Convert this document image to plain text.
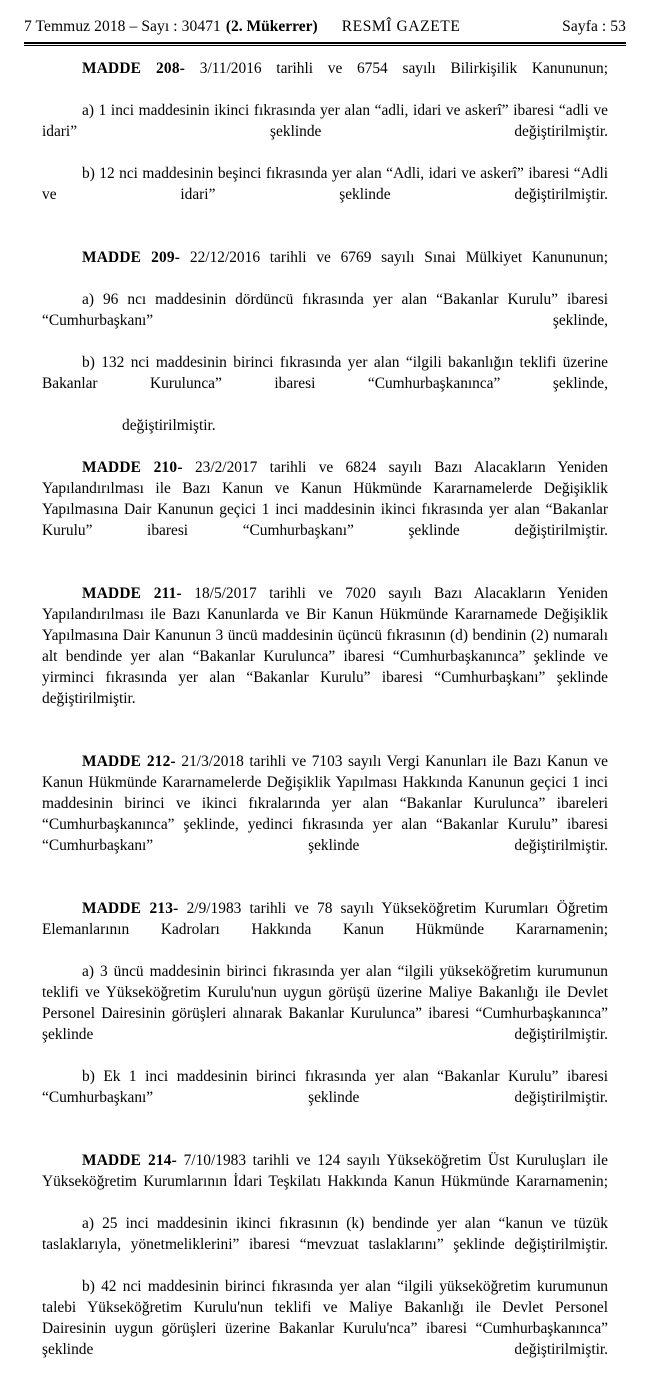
7 Temmuz 2018 – Sayı : 30471 (2. Mükerrer) RESMÎ GAZETE	Sayfa : 53

MADDE 208- 3/11/2016 tarihli ve 6754 sayılı Bilirkişilik Kanununun;

a) 1 inci maddesinin ikinci fıkrasında yer alan “adli, idari ve askerî” ibaresi “adli ve idari” şeklinde değiştirilmiştir.

b) 12 nci maddesinin beşinci fıkrasında yer alan “Adli, idari ve askerî” ibaresi “Adli ve idari” şeklinde değiştirilmiştir.

MADDE 209- 22/12/2016 tarihli ve 6769 sayılı Sınai Mülkiyet Kanununun;

a) 96 ncı maddesinin dördüncü fıkrasında yer alan “Bakanlar Kurulu” ibaresi “Cumhurbaşkanı” şeklinde,

b) 132 nci maddesinin birinci fıkrasında yer alan “ilgili bakanlığın teklifi üzerine Bakanlar Kurulunca” ibaresi “Cumhurbaşkanınca” şeklinde,

değiştirilmiştir.

MADDE 210- 23/2/2017 tarihli ve 6824 sayılı Bazı Alacakların Yeniden Yapılandırılması ile Bazı Kanun ve Kanun Hükmünde Kararnamelerde Değişiklik Yapılmasına Dair Kanunun geçici 1 inci maddesinin ikinci fıkrasında yer alan “Bakanlar Kurulu” ibaresi “Cumhurbaşkanı” şeklinde değiştirilmiştir.

MADDE 211- 18/5/2017 tarihli ve 7020 sayılı Bazı Alacakların Yeniden Yapılandırılması ile Bazı Kanunlarda ve Bir Kanun Hükmünde Kararnamede Değişiklik Yapılmasına Dair Kanunun 3 üncü maddesinin üçüncü fıkrasının (d) bendinin (2) numaralı alt bendinde yer alan “Bakanlar Kurulunca” ibaresi “Cumhurbaşkanınca” şeklinde ve yirminci fıkrasında yer alan “Bakanlar Kurulu” ibaresi “Cumhurbaşkanı” şeklinde değiştirilmiştir.

MADDE 212- 21/3/2018 tarihli ve 7103 sayılı Vergi Kanunları ile Bazı Kanun ve Kanun Hükmünde Kararnamelerde Değişiklik Yapılması Hakkında Kanunun geçici 1 inci maddesinin birinci ve ikinci fıkralarında yer alan “Bakanlar Kurulunca” ibareleri “Cumhurbaşkanınca” şeklinde, yedinci fıkrasında yer alan “Bakanlar Kurulu” ibaresi “Cumhurbaşkanı” şeklinde değiştirilmiştir.

MADDE 213- 2/9/1983 tarihli ve 78 sayılı Yükseköğretim Kurumları Öğretim Elemanlarının Kadroları Hakkında Kanun Hükmünde Kararnamenin;

a) 3 üncü maddesinin birinci fıkrasında yer alan “ilgili yükseköğretim kurumunun teklifi ve Yükseköğretim Kurulu'nun uygun görüşü üzerine Maliye Bakanlığı ile Devlet Personel Dairesinin görüşleri alınarak Bakanlar Kurulunca” ibaresi “Cumhurbaşkanınca” şeklinde değiştirilmiştir.

b) Ek 1 inci maddesinin birinci fıkrasında yer alan “Bakanlar Kurulu” ibaresi “Cumhurbaşkanı” şeklinde değiştirilmiştir.

MADDE 214- 7/10/1983 tarihli ve 124 sayılı Yükseköğretim Üst Kuruluşları ile Yükseköğretim Kurumlarının İdari Teşkilatı Hakkında Kanun Hükmünde Kararnamenin;

a) 25 inci maddesinin ikinci fıkrasının (k) bendinde yer alan “kanun ve tüzük taslaklarıyla, yönetmeliklerini” ibaresi “mevzuat taslaklarını” şeklinde değiştirilmiştir.

b) 42 nci maddesinin birinci fıkrasında yer alan “ilgili yükseköğretim kurumunun talebi Yükseköğretim Kurulu'nun teklifi ve Maliye Bakanlığı ile Devlet Personel Dairesinin uygun görüşleri üzerine Bakanlar Kurulu'nca” ibaresi “Cumhurbaşkanınca” şeklinde değiştirilmiştir.
